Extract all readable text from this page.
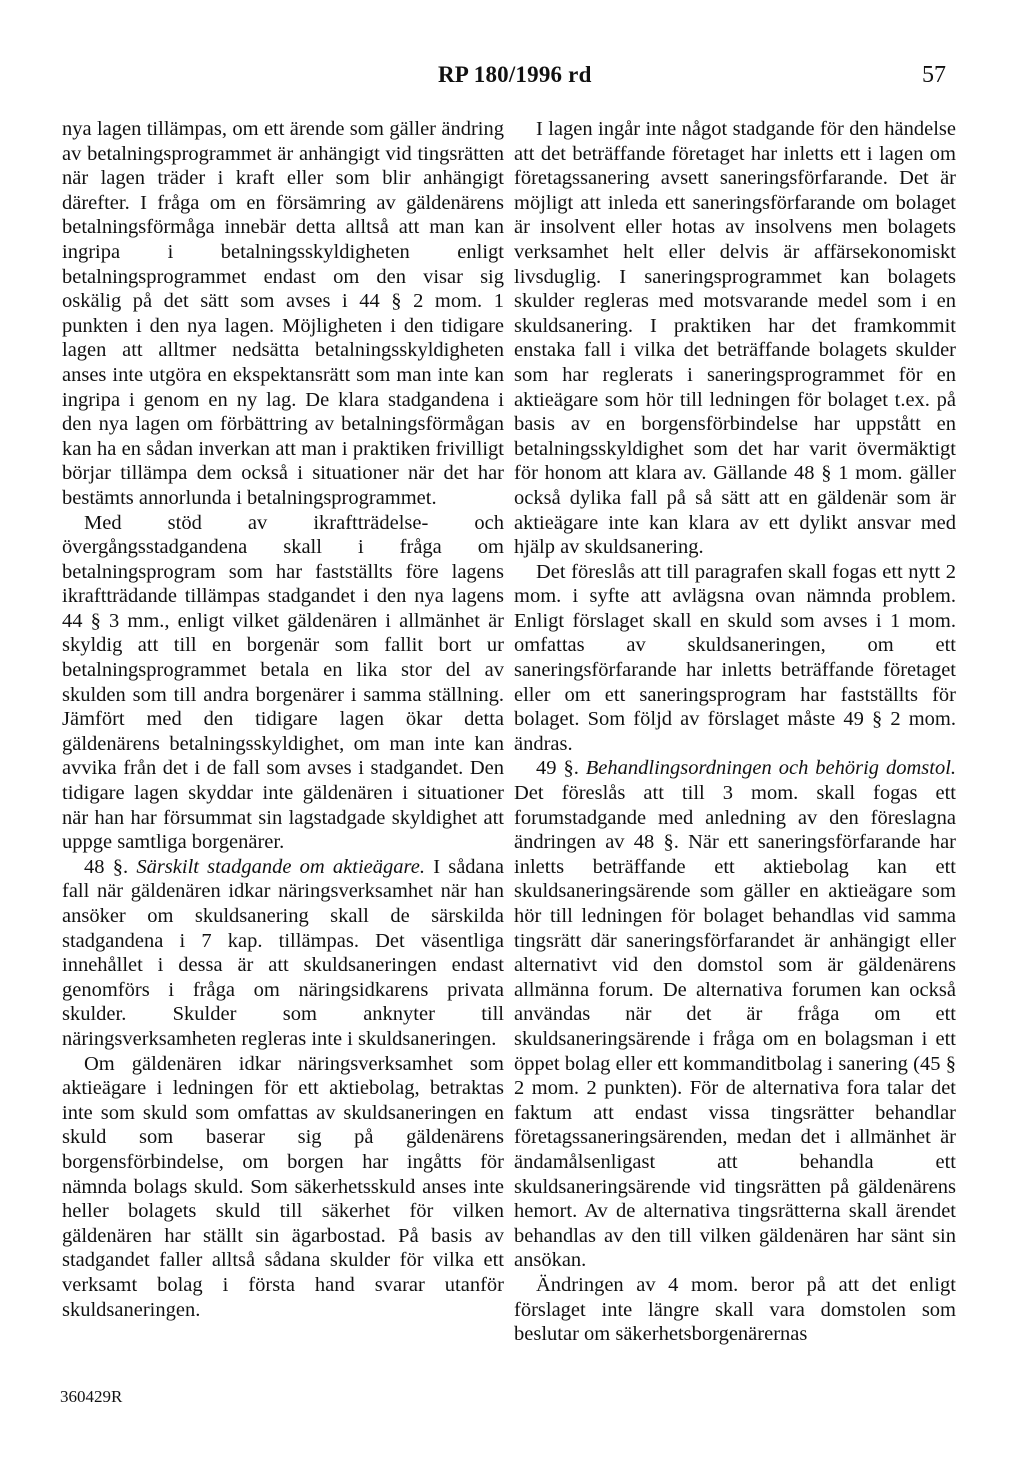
RP 180/1996 rd	57

nya lagen tillämpas, om ett ärende som gäller ändring av betalningsprogrammet är anhängigt vid tingsrätten när lagen träder i kraft eller som blir anhängigt därefter. I fråga om en försämring av gäldenärens betalningsförmåga innebär detta alltså att man kan ingripa i betalningsskyldigheten enligt betalningsprogrammet endast om den visar sig oskälig på det sätt som avses i 44 § 2 mom. 1 punkten i den nya lagen. Möjligheten i den tidigare lagen att alltmer nedsätta betalningsskyldigheten anses inte utgöra en ekspektansrätt som man inte kan ingripa i genom en ny lag. De klara stadgandena i den nya lagen om förbättring av betalningsförmågan kan ha en sådan inverkan att man i praktiken frivilligt börjar tillämpa dem också i situationer när det har bestämts annorlunda i betalningsprogrammet.

Med stöd av ikraftträdelse- och övergångsstadgandena skall i fråga om betalningsprogram som har fastställts före lagens ikraftträdande tillämpas stadgandet i den nya lagens 44 § 3 mm., enligt vilket gäldenären i allmänhet är skyldig att till en borgenär som fallit bort ur betalningsprogrammet betala en lika stor del av skulden som till andra borgenärer i samma ställning. Jämfört med den tidigare lagen ökar detta gäldenärens betalningsskyldighet, om man inte kan avvika från det i de fall som avses i stadgandet. Den tidigare lagen skyddar inte gäldenären i situationer när han har försummat sin lagstadgade skyldighet att uppge samtliga borgenärer.

48 §. Särskilt stadgande om aktieägare. I sådana fall när gäldenären idkar näringsverksamhet när han ansöker om skuldsanering skall de särskilda stadgandena i 7 kap. tillämpas. Det väsentliga innehållet i dessa är att skuldsaneringen endast genomförs i fråga om näringsidkarens privata skulder. Skulder som anknyter till näringsverksamheten regleras inte i skuldsaneringen.

Om gäldenären idkar näringsverksamhet som aktieägare i ledningen för ett aktiebolag, betraktas inte som skuld som omfattas av skuldsaneringen en skuld som baserar sig på gäldenärens borgensförbindelse, om borgen har ingåtts för nämnda bolags skuld. Som säkerhetsskuld anses inte heller bolagets skuld till säkerhet för vilken gäldenären har ställt sin ägarbostad. På basis av stadgandet faller alltså sådana skulder för vilka ett verksamt bolag i första hand svarar utanför skuldsaneringen.

I lagen ingår inte något stadgande för den händelse att det beträffande företaget har inletts ett i lagen om företagssanering avsett saneringsförfarande. Det är möjligt att inleda ett saneringsförfarande om bolaget är insolvent eller hotas av insolvens men bolagets verksamhet helt eller delvis är affärsekonomiskt livsduglig. I saneringsprogrammet kan bolagets skulder regleras med motsvarande medel som i en skuldsanering. I praktiken har det framkommit enstaka fall i vilka det beträffande bolagets skulder som har reglerats i saneringsprogrammet för en aktieägare som hör till ledningen för bolaget t.ex. på basis av en borgensförbindelse har uppstått en betalningsskyldighet som det har varit övermäktigt för honom att klara av. Gällande 48 § 1 mom. gäller också dylika fall på så sätt att en gäldenär som är aktieägare inte kan klara av ett dylikt ansvar med hjälp av skuldsanering.

Det föreslås att till paragrafen skall fogas ett nytt 2 mom. i syfte att avlägsna ovan nämnda problem. Enligt förslaget skall en skuld som avses i 1 mom. omfattas av skuldsaneringen, om ett saneringsförfarande har inletts beträffande företaget eller om ett saneringsprogram har fastställts för bolaget. Som följd av förslaget måste 49 § 2 mom. ändras.

49 §. Behandlingsordningen och behörig domstol. Det föreslås att till 3 mom. skall fogas ett forumstadgande med anledning av den föreslagna ändringen av 48 §. När ett saneringsförfarande har inletts beträffande ett aktiebolag kan ett skuldsaneringsärende som gäller en aktieägare som hör till ledningen för bolaget behandlas vid samma tingsrätt där saneringsförfarandet är anhängigt eller alternativt vid den domstol som är gäldenärens allmänna forum. De alternativa forumen kan också användas när det är fråga om ett skuldsaneringsärende i fråga om en bolagsman i ett öppet bolag eller ett kommanditbolag i sanering (45 § 2 mom. 2 punkten). För de alternativa fora talar det faktum att endast vissa tingsrätter behandlar företagssaneringsärenden, medan det i allmänhet är ändamålsenligast att behandla ett skuldsaneringsärende vid tingsrätten på gäldenärens hemort. Av de alternativa tingsrätterna skall ärendet behandlas av den till vilken gäldenären har sänt sin ansökan.

Ändringen av 4 mom. beror på att det enligt förslaget inte längre skall vara domstolen som beslutar om säkerhetsborgenärernas

360429R
